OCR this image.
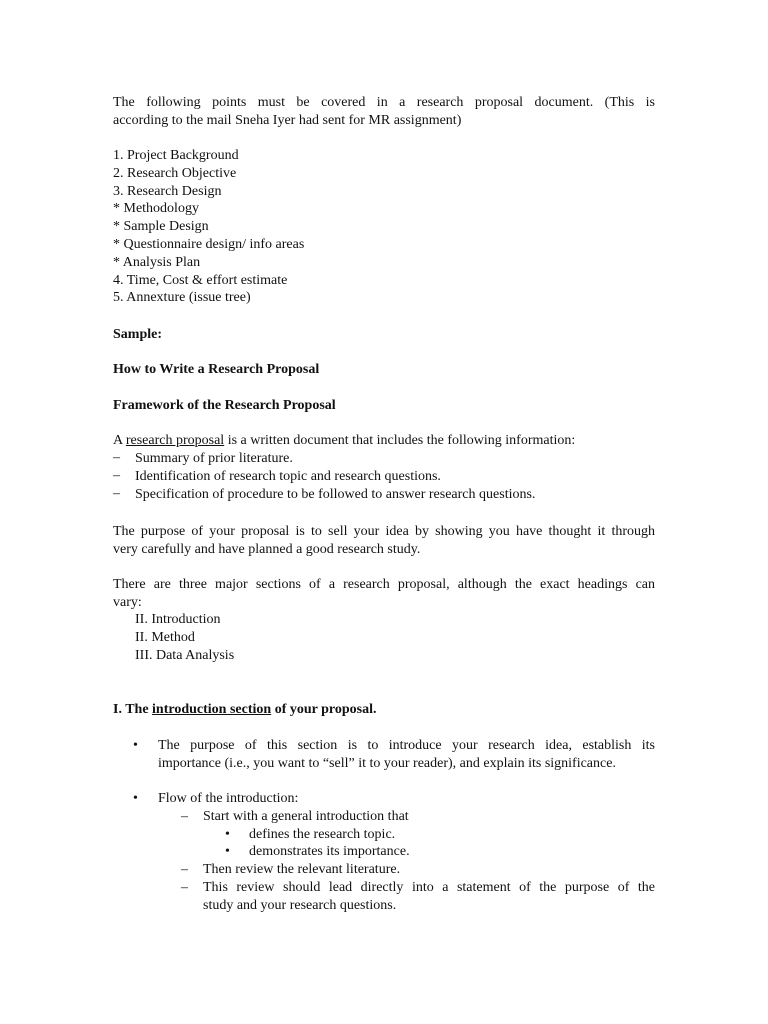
The following points must be covered in a research proposal document. (This is
according to the mail Sneha Iyer had sent for MR assignment)
1. Project Background
2. Research Objective
3. Research Design
* Methodology
* Sample Design
* Questionnaire design/ info areas
* Analysis Plan
4. Time, Cost & effort estimate
5. Annexture (issue tree)
Sample:
How to Write a Research Proposal
Framework of the Research Proposal
A research proposal is a written document that includes the following information:
– Summary of prior literature.
– Identification of research topic and research questions.
– Specification of procedure to be followed to answer research questions.
The purpose of your proposal is to sell your idea by showing you have thought it through
very carefully and have planned a good research study.
There are three major sections of a research proposal, although the exact headings can
vary:
II. Introduction
II. Method
III. Data Analysis
I. The introduction section of your proposal.
• The purpose of this section is to introduce your research idea, establish its
importance (i.e., you want to “sell” it to your reader), and explain its significance.
• Flow of the introduction:
– Start with a general introduction that
• defines the research topic.
• demonstrates its importance.
– Then review the relevant literature.
– This review should lead directly into a statement of the purpose of the
study and your research questions.
